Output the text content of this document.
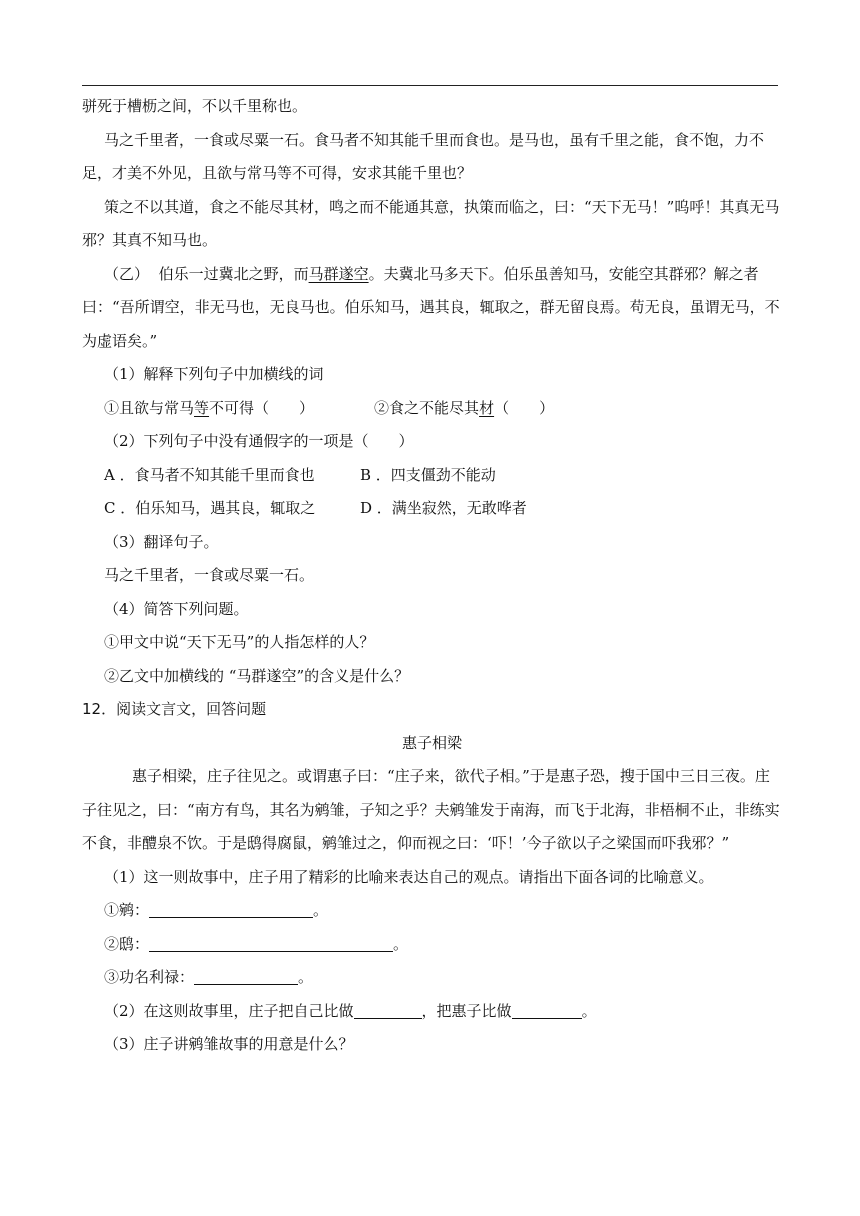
骈死于槽枥之间，不以千里称也。

马之千里者，一食或尽粟一石。食马者不知其能千里而食也。是马也，虽有千里之能，食不饱，力不足，才美不外见，且欲与常马等不可得，安求其能千里也？

策之不以其道，食之不能尽其材，鸣之而不能通其意，执策而临之，曰：“天下无马！”呜呼！其真无马邪？其真不知马也。

（乙） 伯乐一过冀北之野，而马群遂空。夫冀北马多天下。伯乐虽善知马，安能空其群邪？解之者曰：“吾所谓空，非无马也，无良马也。伯乐知马，遇其良，辄取之，群无留良焉。苟无良，虽谓无马，不为虚语矣。”

（1）解释下列句子中加横线的词

①且欲与常马等不可得（　　）	②食之不能尽其材（　　）

（2）下列句子中没有通假字的一项是（　　）

A ．食马者不知其能千里而食也	B ．四支僵劲不能动
C ．伯乐知马，遇其良，辄取之	D ．满坐寂然，无敢哗者

（3）翻译句子。

马之千里者，一食或尽粟一石。

（4）简答下列问题。

①甲文中说“天下无马”的人指怎样的人？

②乙文中加横线的 “马群遂空”的含义是什么？

12．阅读文言文，回答问题

惠子相梁

惠子相梁，庄子往见之。或谓惠子曰：“庄子来，欲代子相。”于是惠子恐，搜于国中三日三夜。庄子往见之，曰：“南方有鸟，其名为鹓雏，子知之乎？夫鹓雏发于南海，而飞于北海，非梧桐不止，非练实不食，非醴泉不饮。于是鸱得腐鼠，鹓雏过之，仰而视之曰：‘吓！’今子欲以子之梁国而吓我邪？”

（1）这一则故事中，庄子用了精彩的比喻来表达自己的观点。请指出下面各词的比喻意义。

①鹓：	。

②鸱：	。

③功名利禄：	。

（2）在这则故事里，庄子把自己比做	，把惠子比做	。

（3）庄子讲鹓雏故事的用意是什么？
